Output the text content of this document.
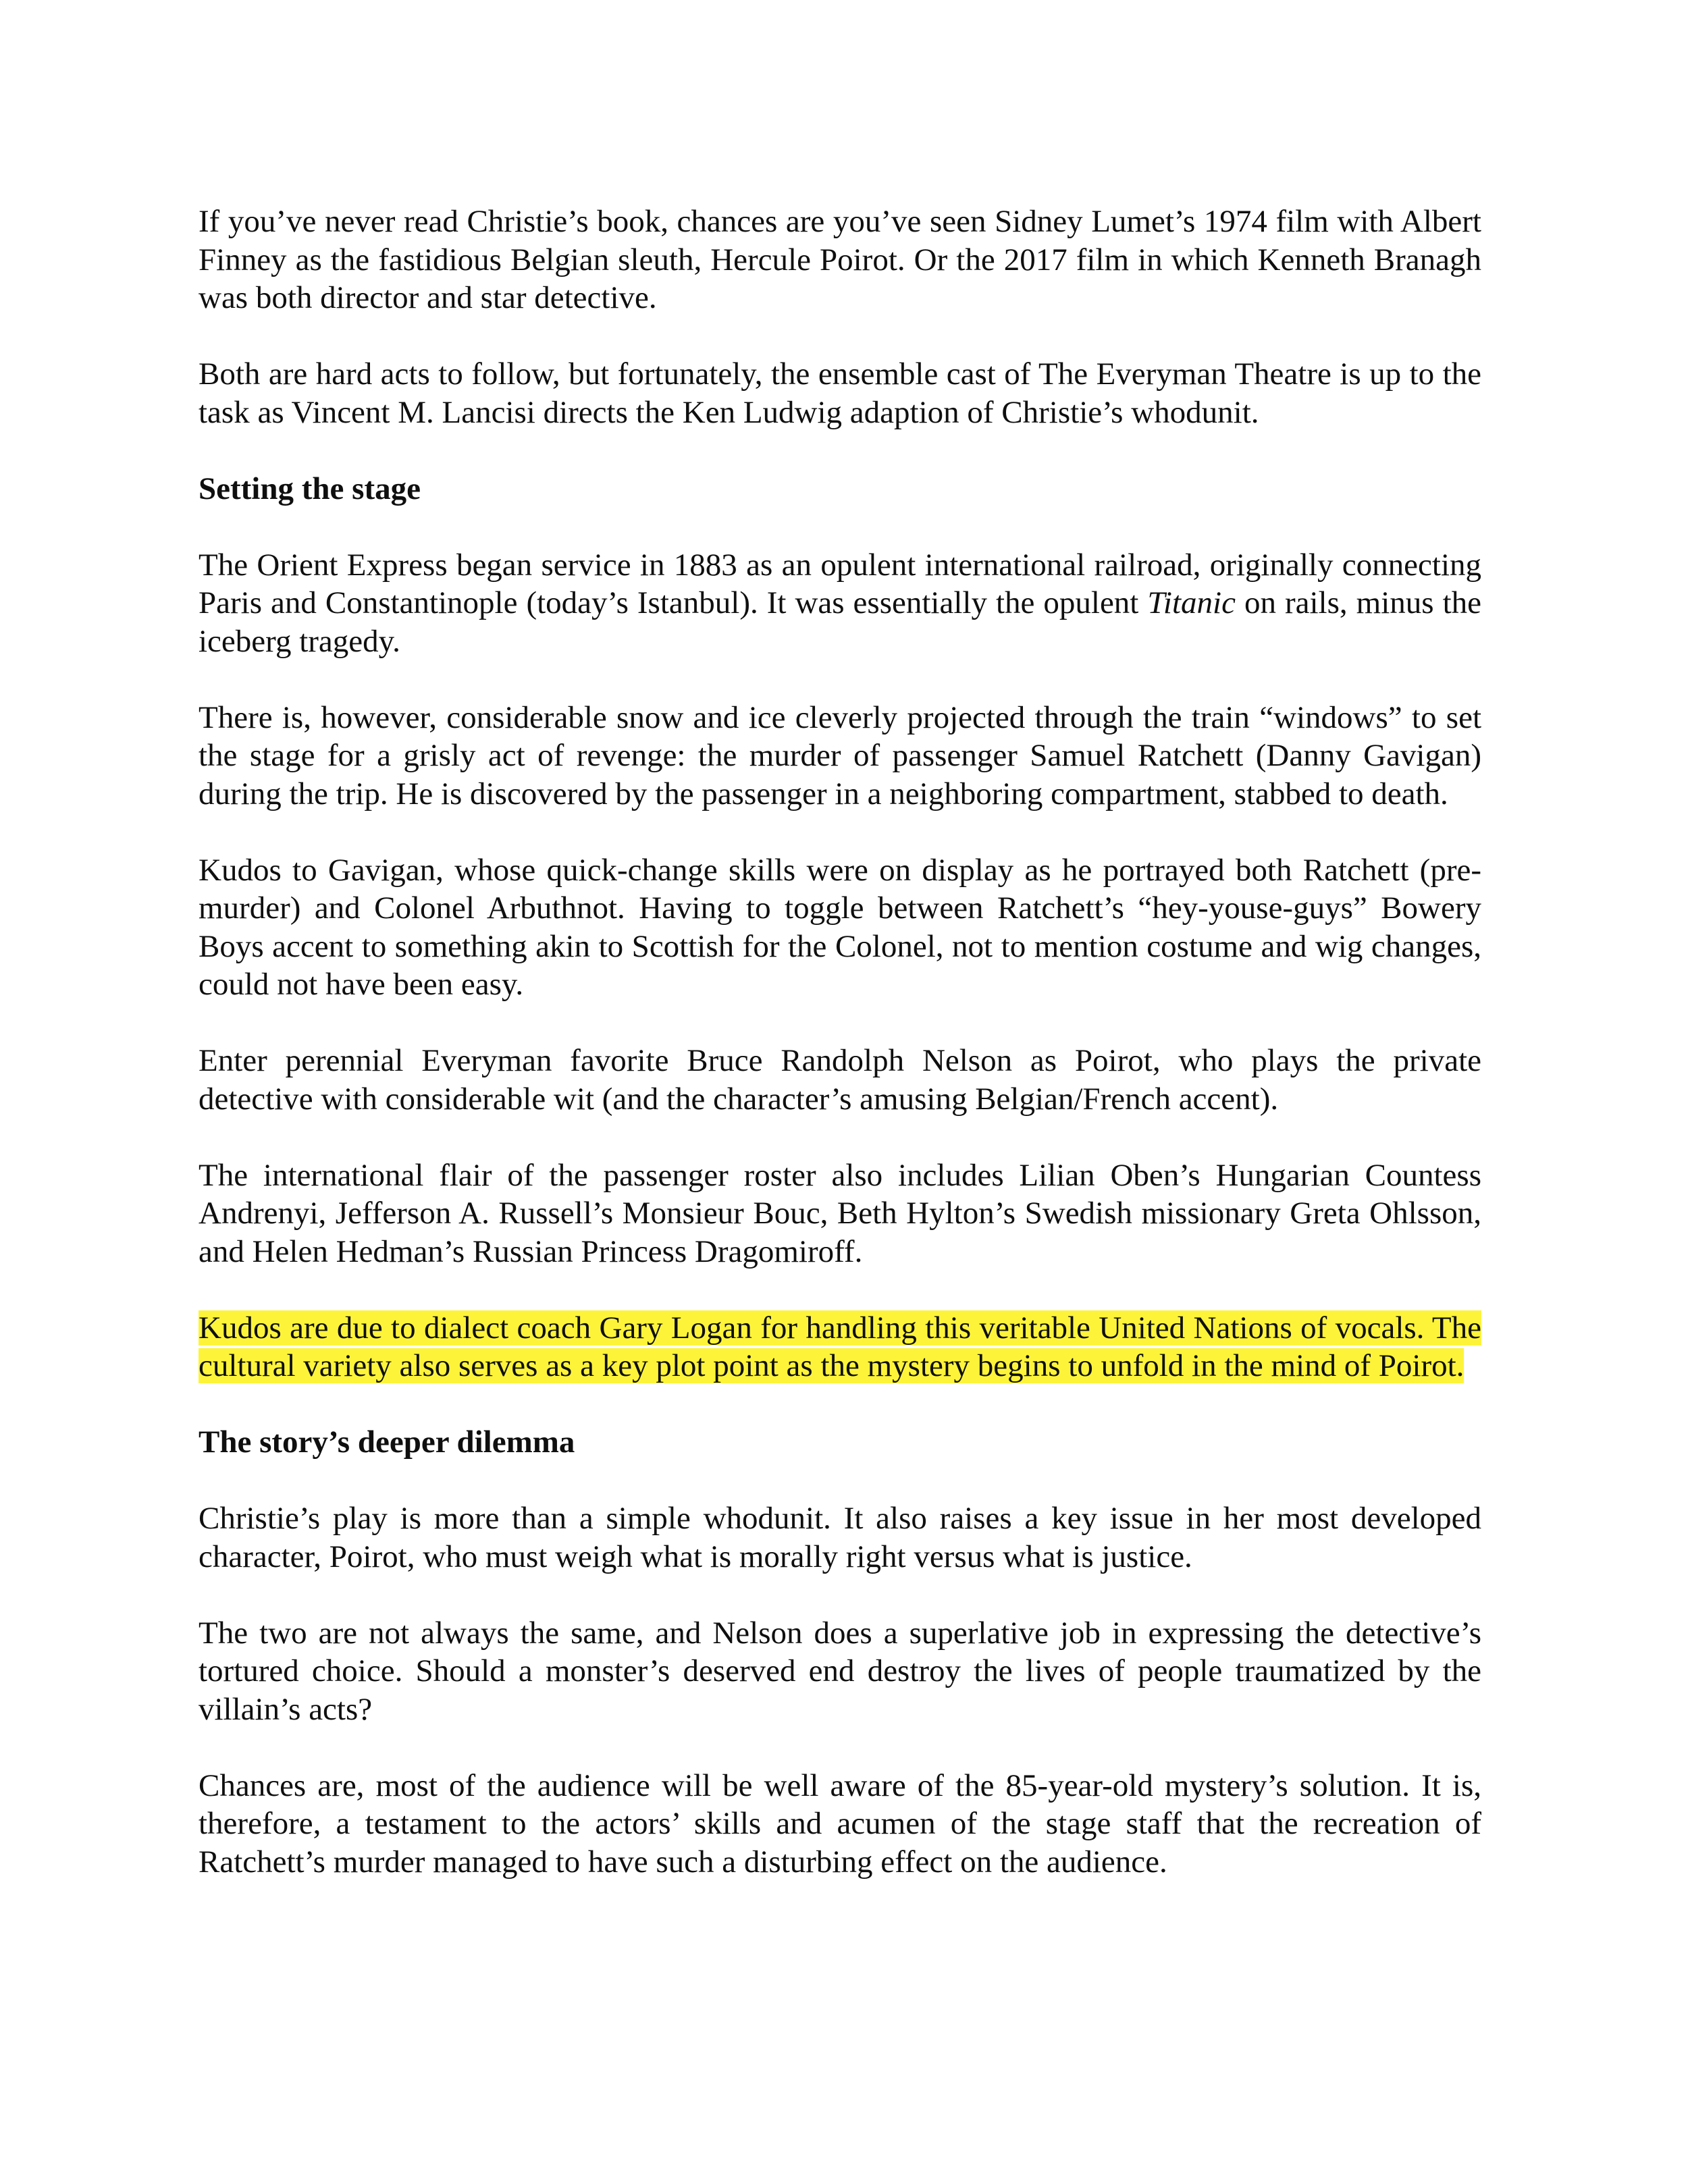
If you’ve never read Christie’s book, chances are you’ve seen Sidney Lumet’s 1974 film with Albert Finney as the fastidious Belgian sleuth, Hercule Poirot. Or the 2017 film in which Kenneth Branagh was both director and star detective.

Both are hard acts to follow, but fortunately, the ensemble cast of The Everyman Theatre is up to the task as Vincent M. Lancisi directs the Ken Ludwig adaption of Christie’s whodunit.

Setting the stage

The Orient Express began service in 1883 as an opulent international railroad, originally connecting Paris and Constantinople (today’s Istanbul). It was essentially the opulent Titanic on rails, minus the iceberg tragedy.

There is, however, considerable snow and ice cleverly projected through the train “windows” to set the stage for a grisly act of revenge: the murder of passenger Samuel Ratchett (Danny Gavigan) during the trip. He is discovered by the passenger in a neighboring compartment, stabbed to death.

Kudos to Gavigan, whose quick-change skills were on display as he portrayed both Ratchett (pre-murder) and Colonel Arbuthnot. Having to toggle between Ratchett’s “hey-youse-guys” Bowery Boys accent to something akin to Scottish for the Colonel, not to mention costume and wig changes, could not have been easy.

Enter perennial Everyman favorite Bruce Randolph Nelson as Poirot, who plays the private detective with considerable wit (and the character’s amusing Belgian/French accent).

The international flair of the passenger roster also includes Lilian Oben’s Hungarian Countess Andrenyi, Jefferson A. Russell’s Monsieur Bouc, Beth Hylton’s Swedish missionary Greta Ohlsson, and Helen Hedman’s Russian Princess Dragomiroff.

Kudos are due to dialect coach Gary Logan for handling this veritable United Nations of vocals. The cultural variety also serves as a key plot point as the mystery begins to unfold in the mind of Poirot.

The story’s deeper dilemma

Christie’s play is more than a simple whodunit. It also raises a key issue in her most developed character, Poirot, who must weigh what is morally right versus what is justice.

The two are not always the same, and Nelson does a superlative job in expressing the detective’s tortured choice. Should a monster’s deserved end destroy the lives of people traumatized by the villain’s acts?

Chances are, most of the audience will be well aware of the 85-year-old mystery’s solution. It is, therefore, a testament to the actors’ skills and acumen of the stage staff that the recreation of Ratchett’s murder managed to have such a disturbing effect on the audience.
